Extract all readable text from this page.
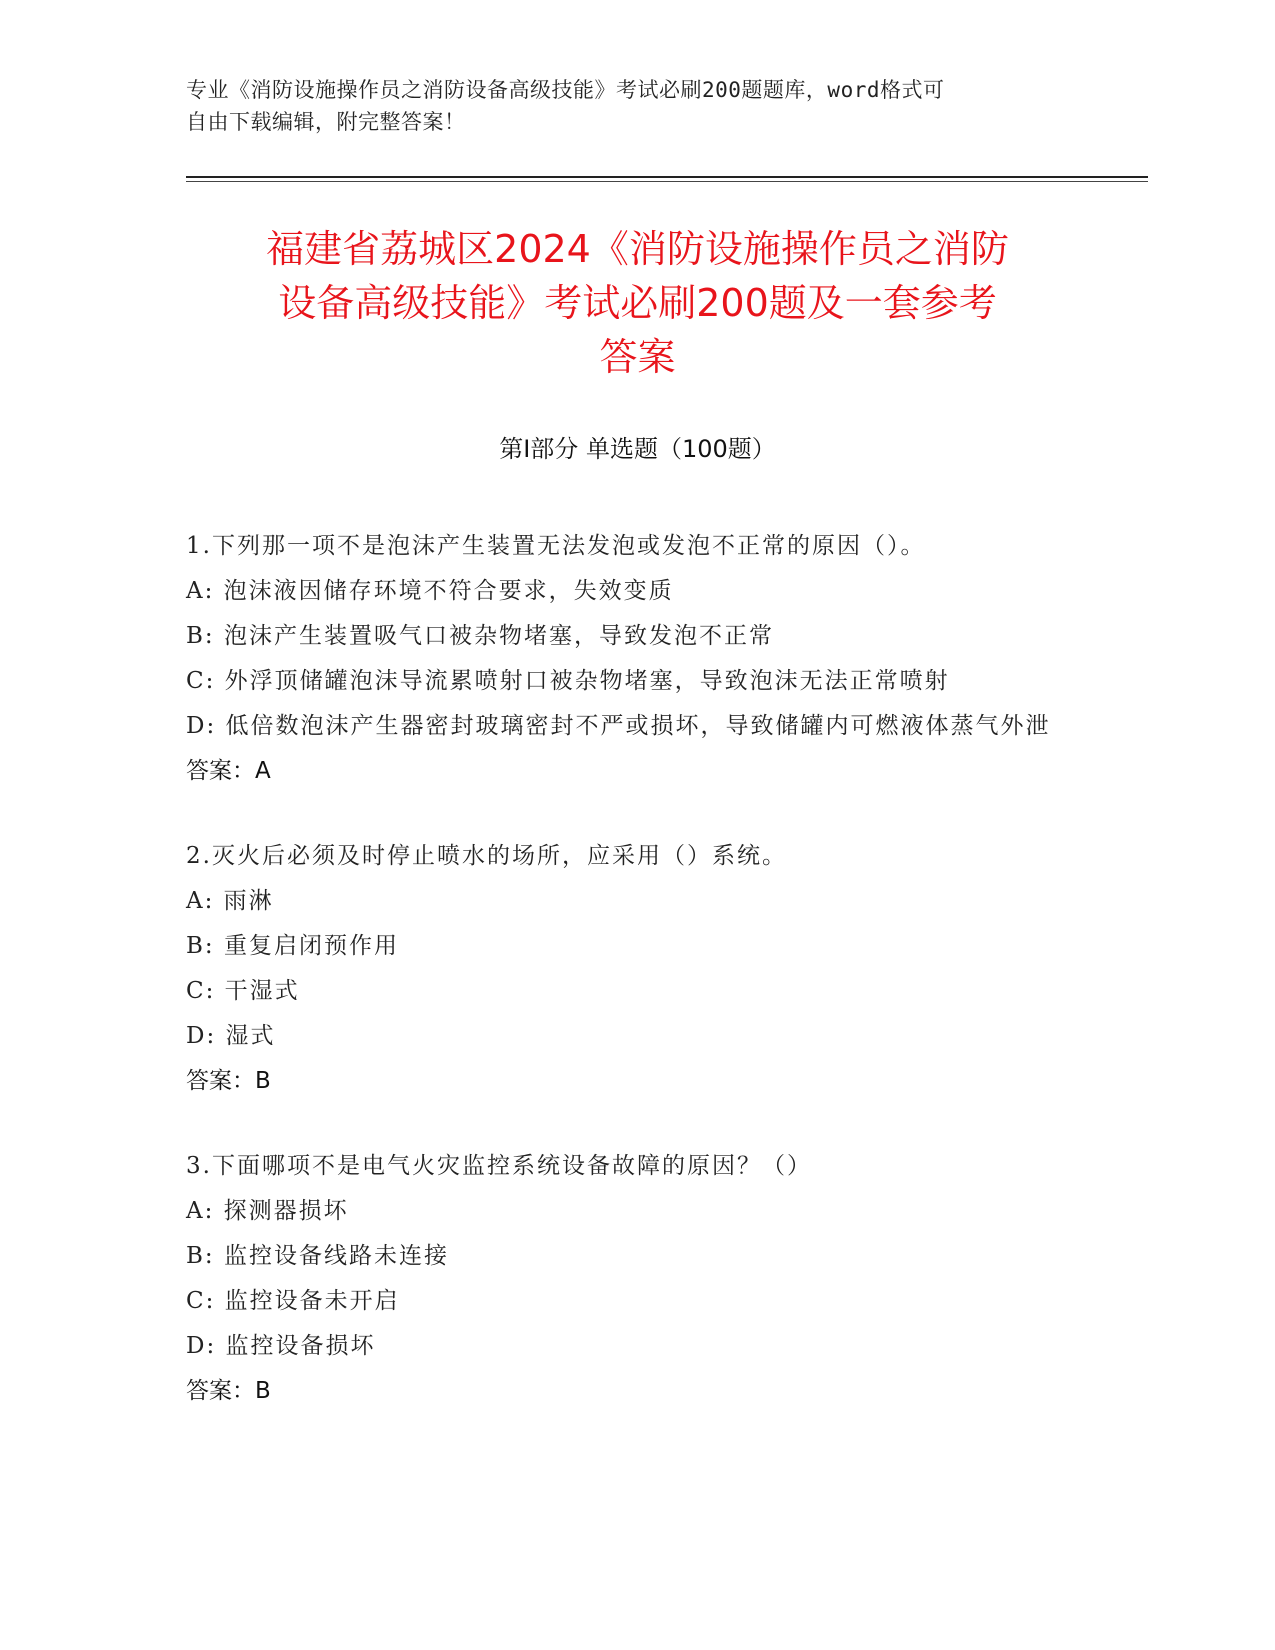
专业《消防设施操作员之消防设备高级技能》考试必刷200题题库，word格式可
自由下载编辑，附完整答案！
福建省荔城区2024《消防设施操作员之消防
设备高级技能》考试必刷200题及一套参考
答案
第Ⅰ部分 单选题（100题）
1.下列那一项不是泡沫产生装置无法发泡或发泡不正常的原因（）。
A: 泡沫液因储存环境不符合要求，失效变质
B: 泡沫产生装置吸气口被杂物堵塞，导致发泡不正常
C: 外浮顶储罐泡沫导流累喷射口被杂物堵塞，导致泡沫无法正常喷射
D: 低倍数泡沫产生器密封玻璃密封不严或损坏，导致储罐内可燃液体蒸气外泄
答案：A
2.灭火后必须及时停止喷水的场所，应采用（）系统。
A: 雨淋
B: 重复启闭预作用
C: 干湿式
D: 湿式
答案：B
3.下面哪项不是电气火灾监控系统设备故障的原因？（）
A: 探测器损坏
B: 监控设备线路未连接
C: 监控设备未开启
D: 监控设备损坏
答案：B
